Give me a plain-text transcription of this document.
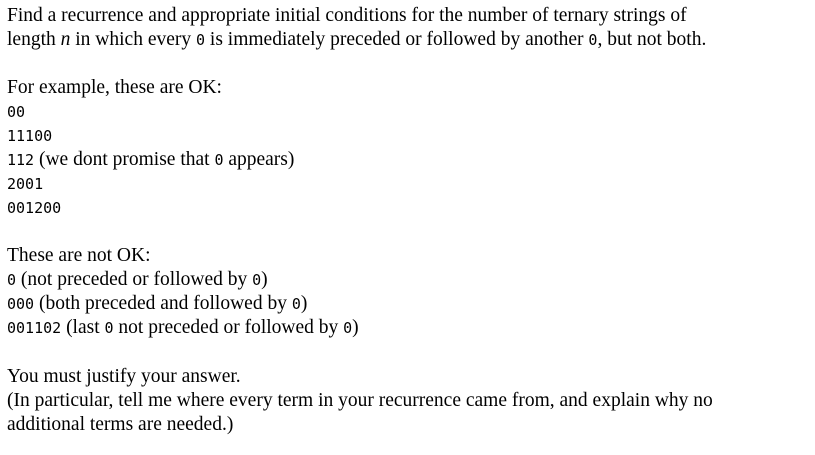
Find a recurrence and appropriate initial conditions for the number of ternary strings of
length n in which every 0 is immediately preceded or followed by another 0, but not both.
For example, these are OK:
00
11100
112 (we dont promise that 0 appears)
2001
001200
These are not OK:
0 (not preceded or followed by 0)
000 (both preceded and followed by 0)
001102 (last 0 not preceded or followed by 0)
You must justify your answer.
(In particular, tell me where every term in your recurrence came from, and explain why no
additional terms are needed.)
